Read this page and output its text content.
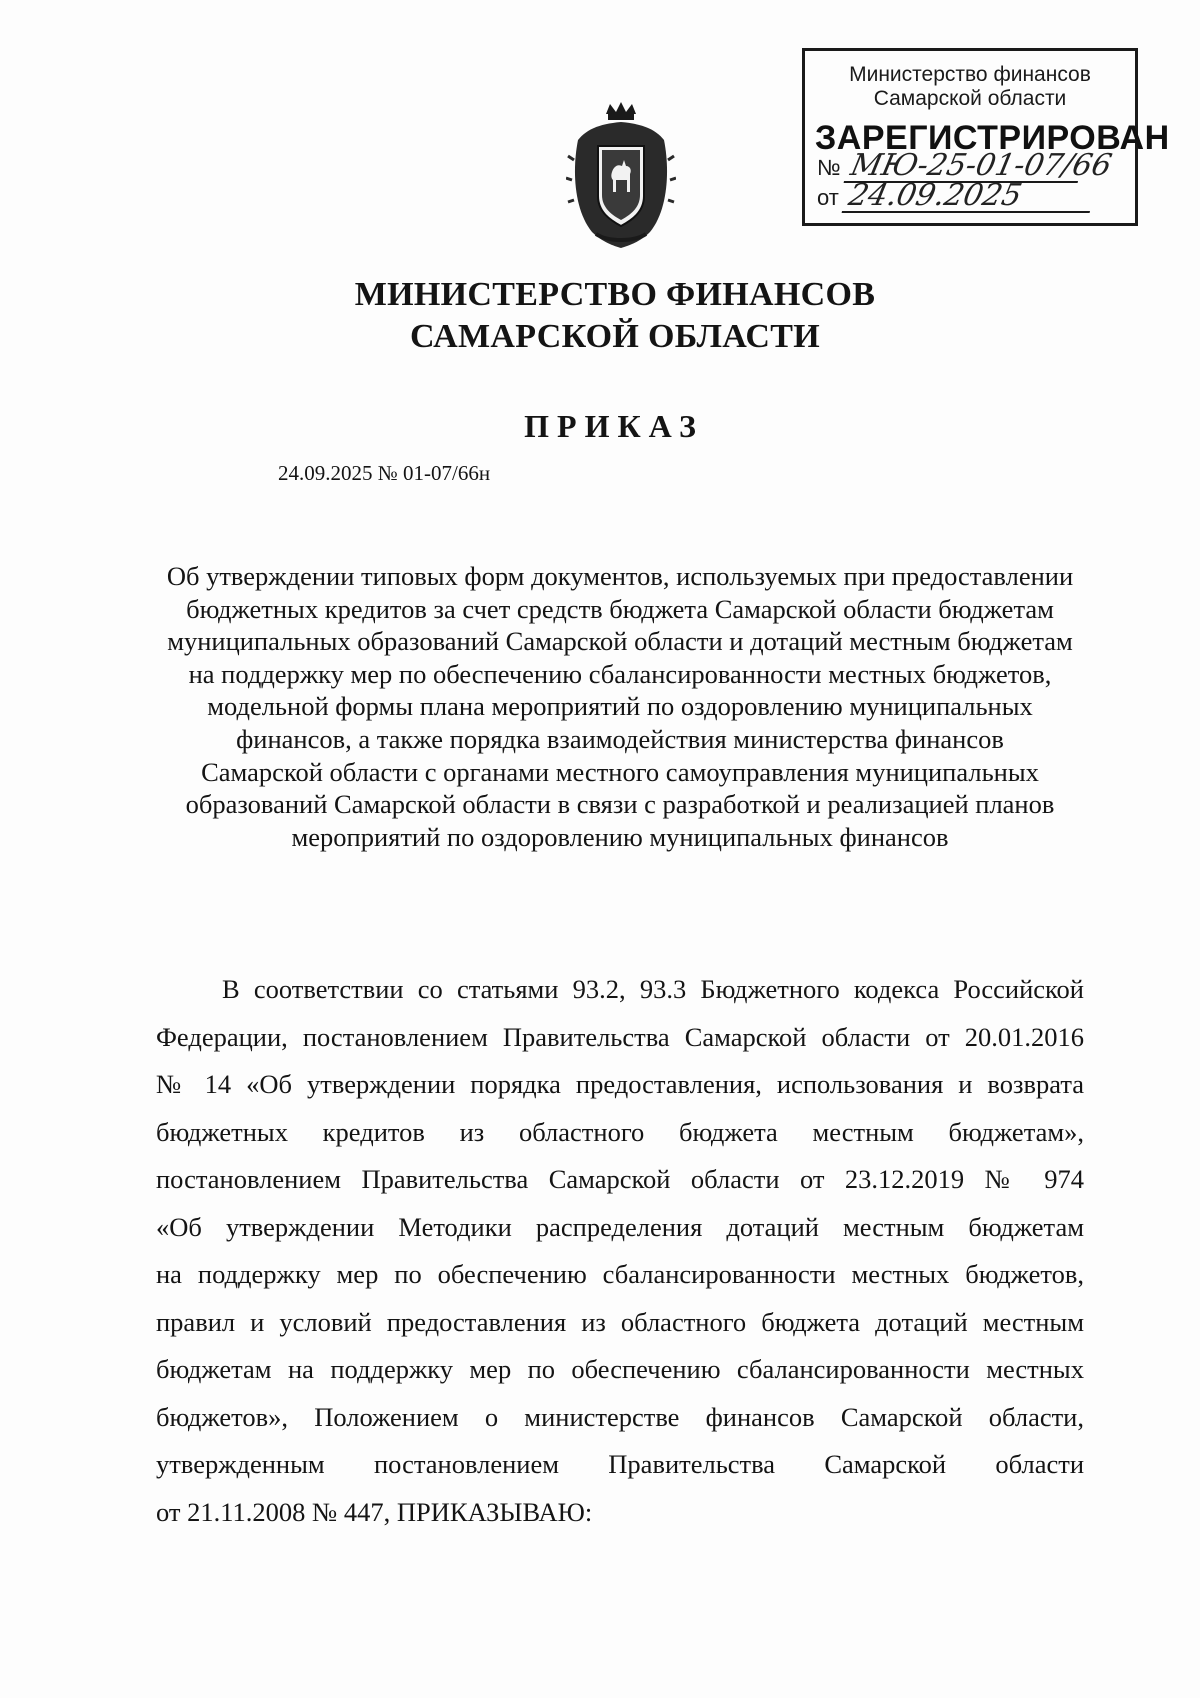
Министерство финансов
Самарской области
ЗАРЕГИСТРИРОВАН
№ МЮ-25-01-07/66
от 24.09.2025
МИНИСТЕРСТВО ФИНАНСОВ
САМАРСКОЙ ОБЛАСТИ
ПРИКАЗ
24.09.2025 № 01-07/66н
Об утверждении типовых форм документов, используемых при предоставлении
бюджетных кредитов за счет средств бюджета Самарской области бюджетам
муниципальных образований Самарской области и дотаций местным бюджетам
на поддержку мер по обеспечению сбалансированности местных бюджетов,
модельной формы плана мероприятий по оздоровлению муниципальных
финансов, а также порядка взаимодействия министерства финансов
Самарской области с органами местного самоуправления муниципальных
образований Самарской области в связи с разработкой и реализацией планов
мероприятий по оздоровлению муниципальных финансов
В соответствии со статьями 93.2, 93.3 Бюджетного кодекса Российской
Федерации, постановлением Правительства Самарской области от 20.01.2016
№ 14 «Об утверждении порядка предоставления, использования и возврата
бюджетных кредитов из областного бюджета местным бюджетам»,
постановлением Правительства Самарской области от 23.12.2019 № 974
«Об утверждении Методики распределения дотаций местным бюджетам
на поддержку мер по обеспечению сбалансированности местных бюджетов,
правил и условий предоставления из областного бюджета дотаций местным
бюджетам на поддержку мер по обеспечению сбалансированности местных
бюджетов», Положением о министерстве финансов Самарской области,
утвержденным постановлением Правительства Самарской области
от 21.11.2008 № 447, ПРИКАЗЫВАЮ:
